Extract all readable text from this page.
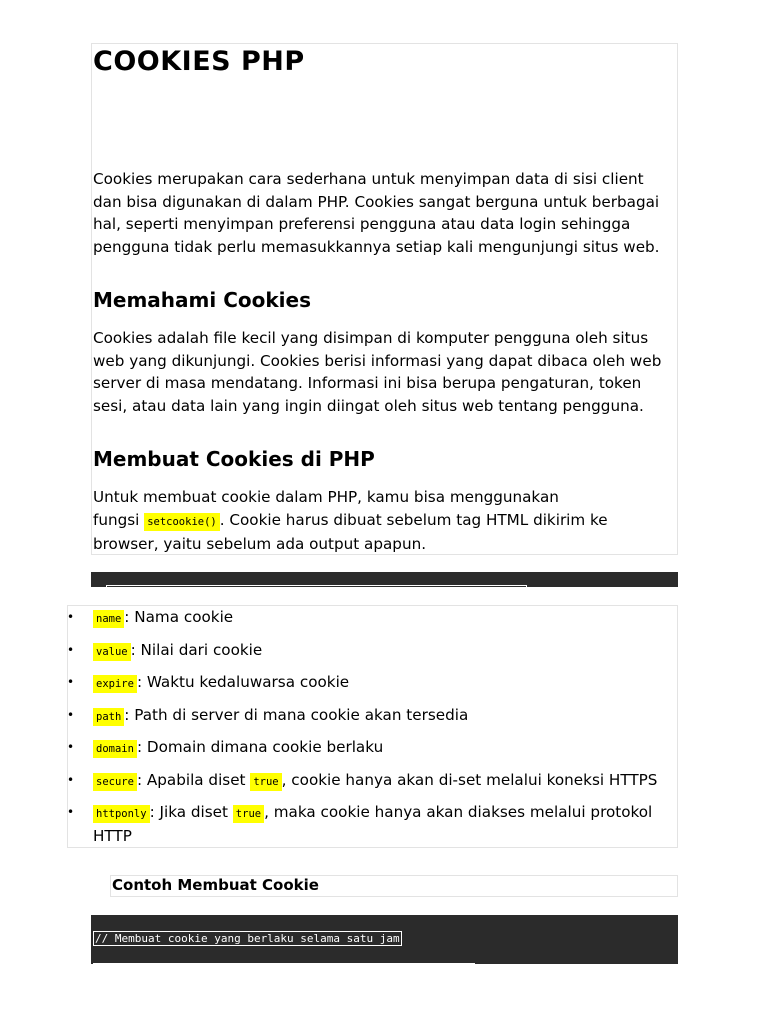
COOKIES PHP
Cookies merupakan cara sederhana untuk menyimpan data di sisi client dan bisa digunakan di dalam PHP. Cookies sangat berguna untuk berbagai hal, seperti menyimpan preferensi pengguna atau data login sehingga pengguna tidak perlu memasukkannya setiap kali mengunjungi situs web.
Memahami Cookies
Cookies adalah file kecil yang disimpan di komputer pengguna oleh situs web yang dikunjungi. Cookies berisi informasi yang dapat dibaca oleh web server di masa mendatang. Informasi ini bisa berupa pengaturan, token sesi, atau data lain yang ingin diingat oleh situs web tentang pengguna.
Membuat Cookies di PHP
Untuk membuat cookie dalam PHP, kamu bisa menggunakan
fungsi setcookie() . Cookie harus dibuat sebelum tag HTML dikirim ke
browser, yaitu sebelum ada output apapun.

setcookie(name, value, expire, path, domain, secure, httponly);

• name : Nama cookie
• value : Nilai dari cookie
• expire : Waktu kedaluwarsa cookie
• path : Path di server di mana cookie akan tersedia
• domain : Domain dimana cookie berlaku
• secure : Apabila diset true , cookie hanya akan di-set melalui koneksi HTTPS
• httponly : Jika diset true , maka cookie hanya akan diakses melalui protokol HTTP
Contoh Membuat Cookie

// Membuat cookie yang berlaku selama satu jam

setcookie("user", "nama_pengguna", time() + (3600), "/");
